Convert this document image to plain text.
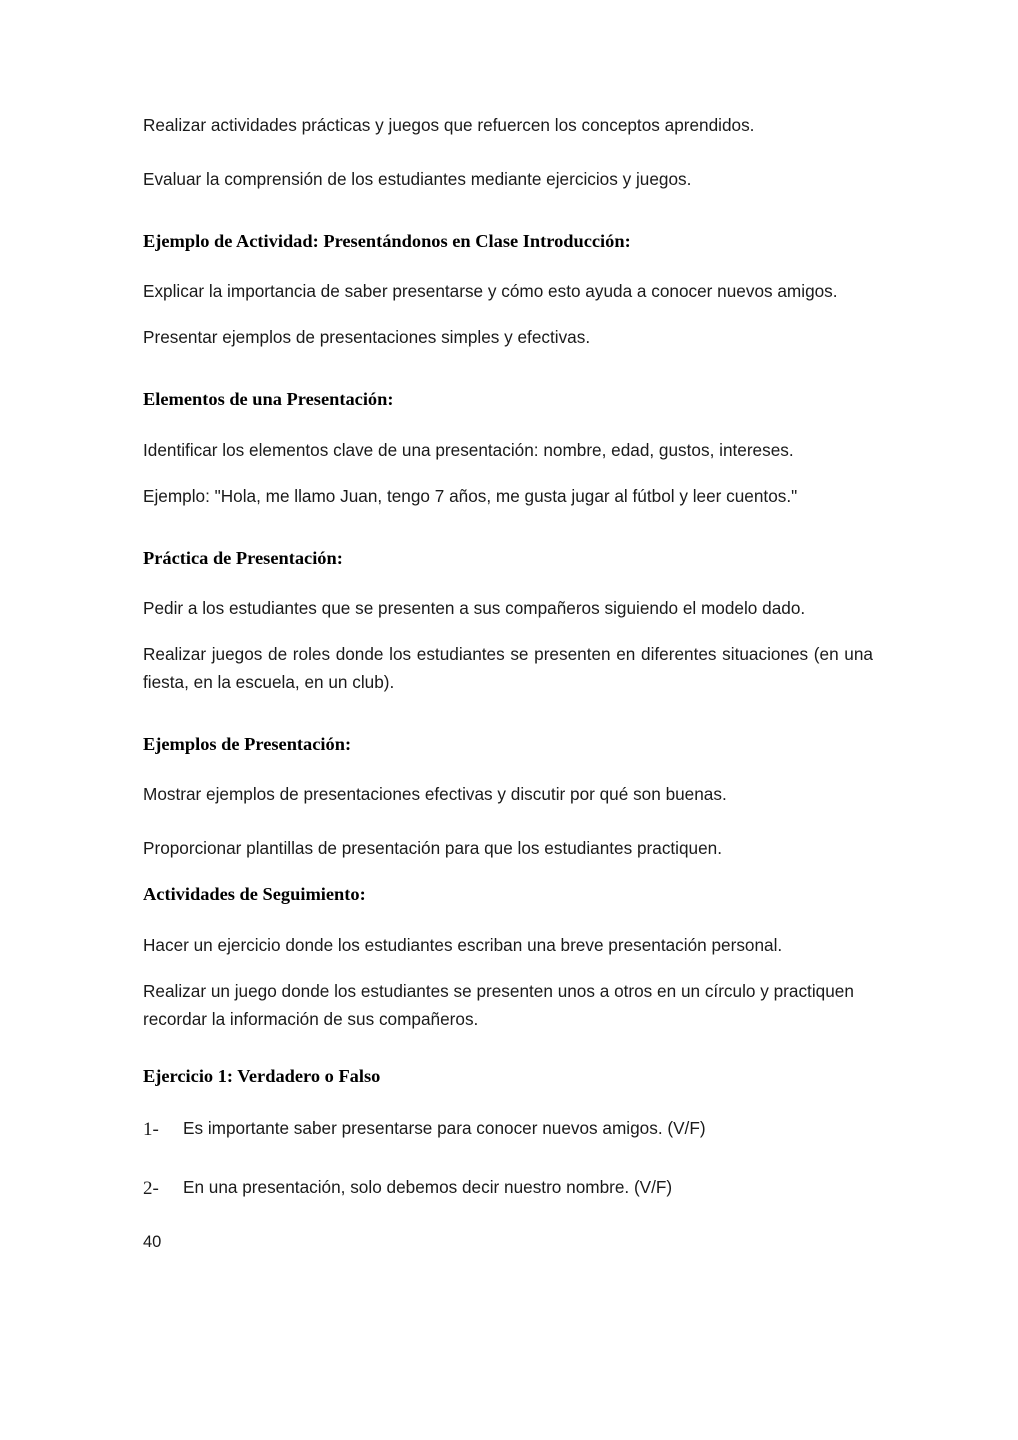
Realizar actividades prácticas y juegos que refuercen los conceptos aprendidos.

Evaluar la comprensión de los estudiantes mediante ejercicios y juegos.

Ejemplo de Actividad: Presentándonos en Clase Introducción:

Explicar la importancia de saber presentarse y cómo esto ayuda a conocer nuevos amigos.

Presentar ejemplos de presentaciones simples y efectivas.

Elementos de una Presentación:

Identificar los elementos clave de una presentación: nombre, edad, gustos, intereses.

Ejemplo: "Hola, me llamo Juan, tengo 7 años, me gusta jugar al fútbol y leer cuentos."

Práctica de Presentación:

Pedir a los estudiantes que se presenten a sus compañeros siguiendo el modelo dado.

Realizar juegos de roles donde los estudiantes se presenten en diferentes situaciones (en una fiesta, en la escuela, en un club).

Ejemplos de Presentación:

Mostrar ejemplos de presentaciones efectivas y discutir por qué son buenas.

Proporcionar plantillas de presentación para que los estudiantes practiquen.

Actividades de Seguimiento:

Hacer un ejercicio donde los estudiantes escriban una breve presentación personal.

Realizar un juego donde los estudiantes se presenten unos a otros en un círculo y practiquen recordar la información de sus compañeros.

Ejercicio 1: Verdadero o Falso
1-	Es importante saber presentarse para conocer nuevos amigos. (V/F)
2-	En una presentación, solo debemos decir nuestro nombre. (V/F)
40
